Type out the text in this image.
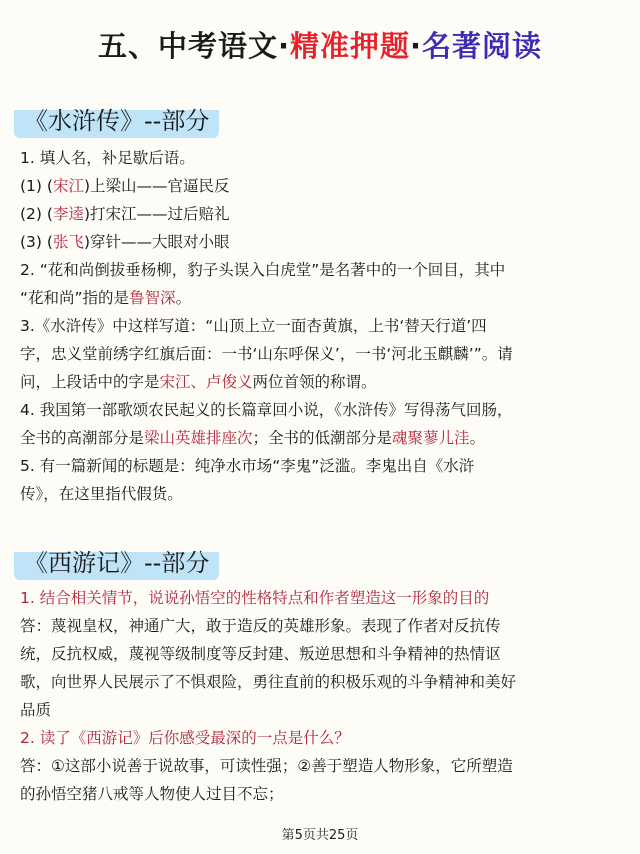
五、中考语文·精准押题·名著阅读
《水浒传》--部分
1. 填人名，补足歇后语。
(1) (宋江)上梁山——官逼民反
(2) (李逵)打宋江——过后赔礼
(3) (张飞)穿针——大眼对小眼
2. “花和尚倒拔垂杨柳，豹子头误入白虎堂”是名著中的一个回目，其中
“花和尚”指的是鲁智深。
3.《水浒传》中这样写道：“山顶上立一面杏黄旗，上书‘替天行道’四
字，忠义堂前绣字红旗后面：一书‘山东呼保义’，一书‘河北玉麒麟’”。请
问，上段话中的字是宋江、卢俊义两位首领的称谓。
4. 我国第一部歌颂农民起义的长篇章回小说，《水浒传》写得荡气回肠，
全书的高潮部分是梁山英雄排座次；全书的低潮部分是魂聚蓼儿洼。
5. 有一篇新闻的标题是：纯净水市场“李鬼”泛滥。李鬼出自《水浒
传》，在这里指代假货。
《西游记》--部分
1. 结合相关情节，说说孙悟空的性格特点和作者塑造这一形象的目的
答：蔑视皇权，神通广大，敢于造反的英雄形象。表现了作者对反抗传
统，反抗权威，蔑视等级制度等反封建、叛逆思想和斗争精神的热情讴
歌，向世界人民展示了不惧艰险，勇往直前的积极乐观的斗争精神和美好
品质
2. 读了《西游记》后你感受最深的一点是什么？
答：①这部小说善于说故事，可读性强；②善于塑造人物形象，它所塑造
的孙悟空猪八戒等人物使人过目不忘；
第5页共25页
